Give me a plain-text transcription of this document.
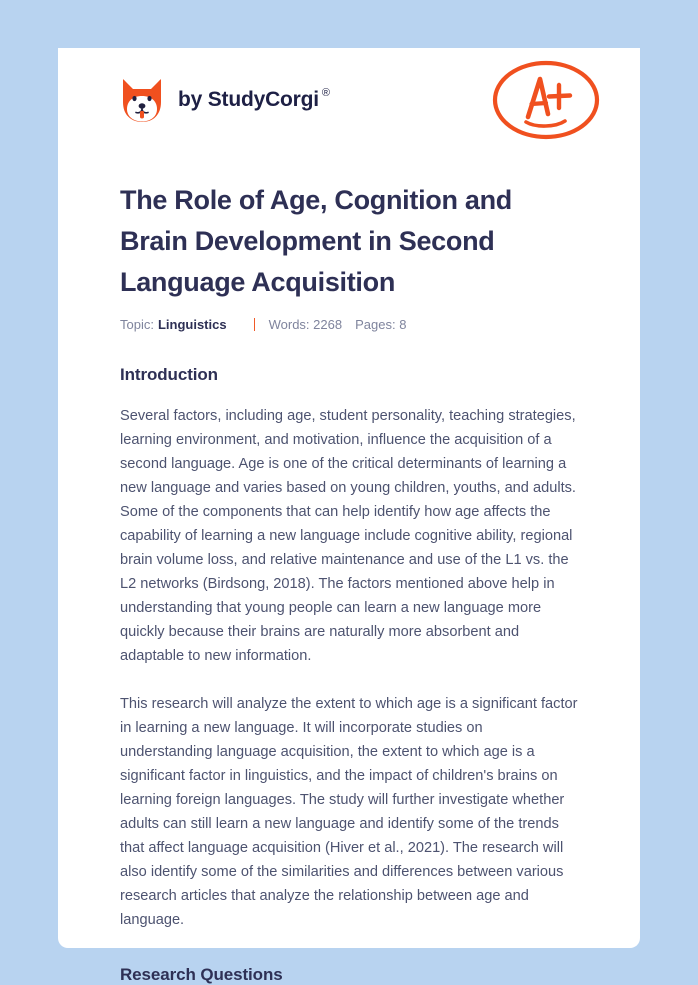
by StudyCorgi ®
The Role of Age, Cognition and Brain Development in Second Language Acquisition
Topic: Linguistics	Words: 2268 Pages: 8
Introduction

Several factors, including age, student personality, teaching strategies, learning environment, and motivation, influence the acquisition of a second language. Age is one of the critical determinants of learning a new language and varies based on young children, youths, and adults. Some of the components that can help identify how age affects the capability of learning a new language include cognitive ability, regional brain volume loss, and relative maintenance and use of the L1 vs. the L2 networks (Birdsong, 2018). The factors mentioned above help in understanding that young people can learn a new language more quickly because their brains are naturally more absorbent and adaptable to new information.

This research will analyze the extent to which age is a significant factor in learning a new language. It will incorporate studies on understanding language acquisition, the extent to which age is a significant factor in linguistics, and the impact of children's brains on learning foreign languages. The study will further investigate whether adults can still learn a new language and identify some of the trends that affect language acquisition (Hiver et al., 2021). The research will also identify some of the similarities and differences between various research articles that analyze the relationship between age and language.

Research Questions
